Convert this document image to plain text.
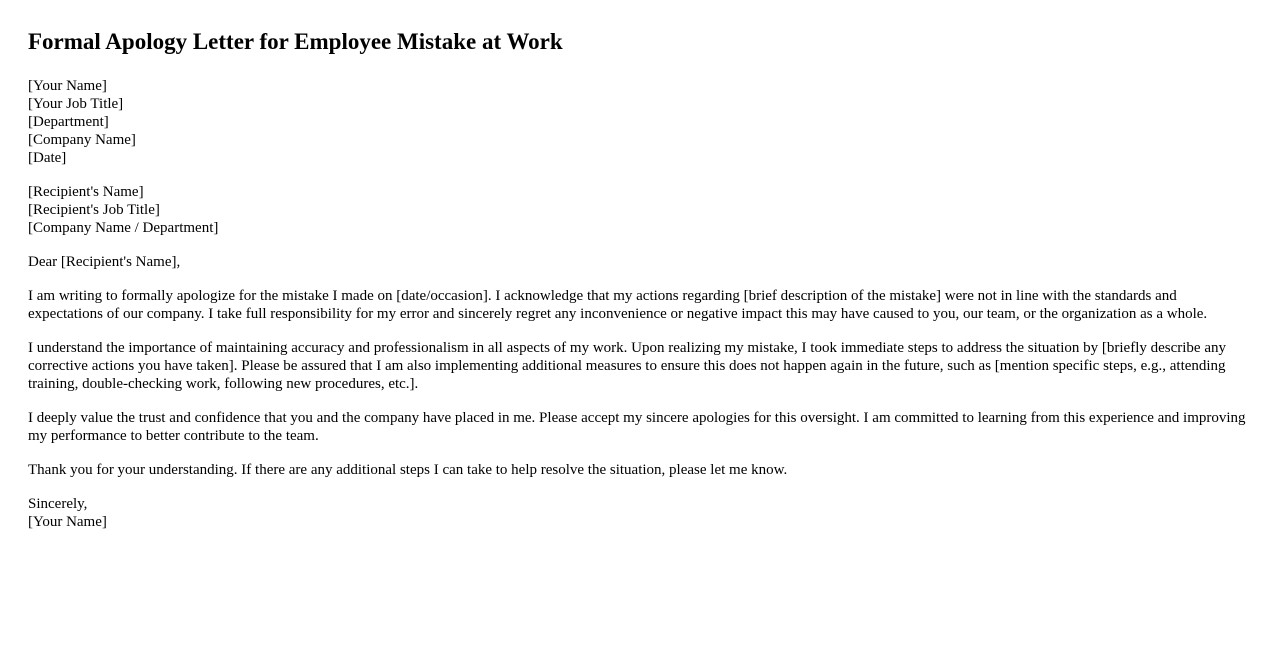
Formal Apology Letter for Employee Mistake at Work
[Your Name]
[Your Job Title]
[Department]
[Company Name]
[Date]
[Recipient's Name]
[Recipient's Job Title]
[Company Name / Department]

Dear [Recipient's Name],

I am writing to formally apologize for the mistake I made on [date/occasion]. I acknowledge that my actions regarding [brief description of the mistake] were not in line with the standards and expectations of our company. I take full responsibility for my error and sincerely regret any inconvenience or negative impact this may have caused to you, our team, or the organization as a whole.

I understand the importance of maintaining accuracy and professionalism in all aspects of my work. Upon realizing my mistake, I took immediate steps to address the situation by [briefly describe any corrective actions you have taken]. Please be assured that I am also implementing additional measures to ensure this does not happen again in the future, such as [mention specific steps, e.g., attending training, double-checking work, following new procedures, etc.].

I deeply value the trust and confidence that you and the company have placed in me. Please accept my sincere apologies for this oversight. I am committed to learning from this experience and improving my performance to better contribute to the team.

Thank you for your understanding. If there are any additional steps I can take to help resolve the situation, please let me know.

Sincerely,
[Your Name]
